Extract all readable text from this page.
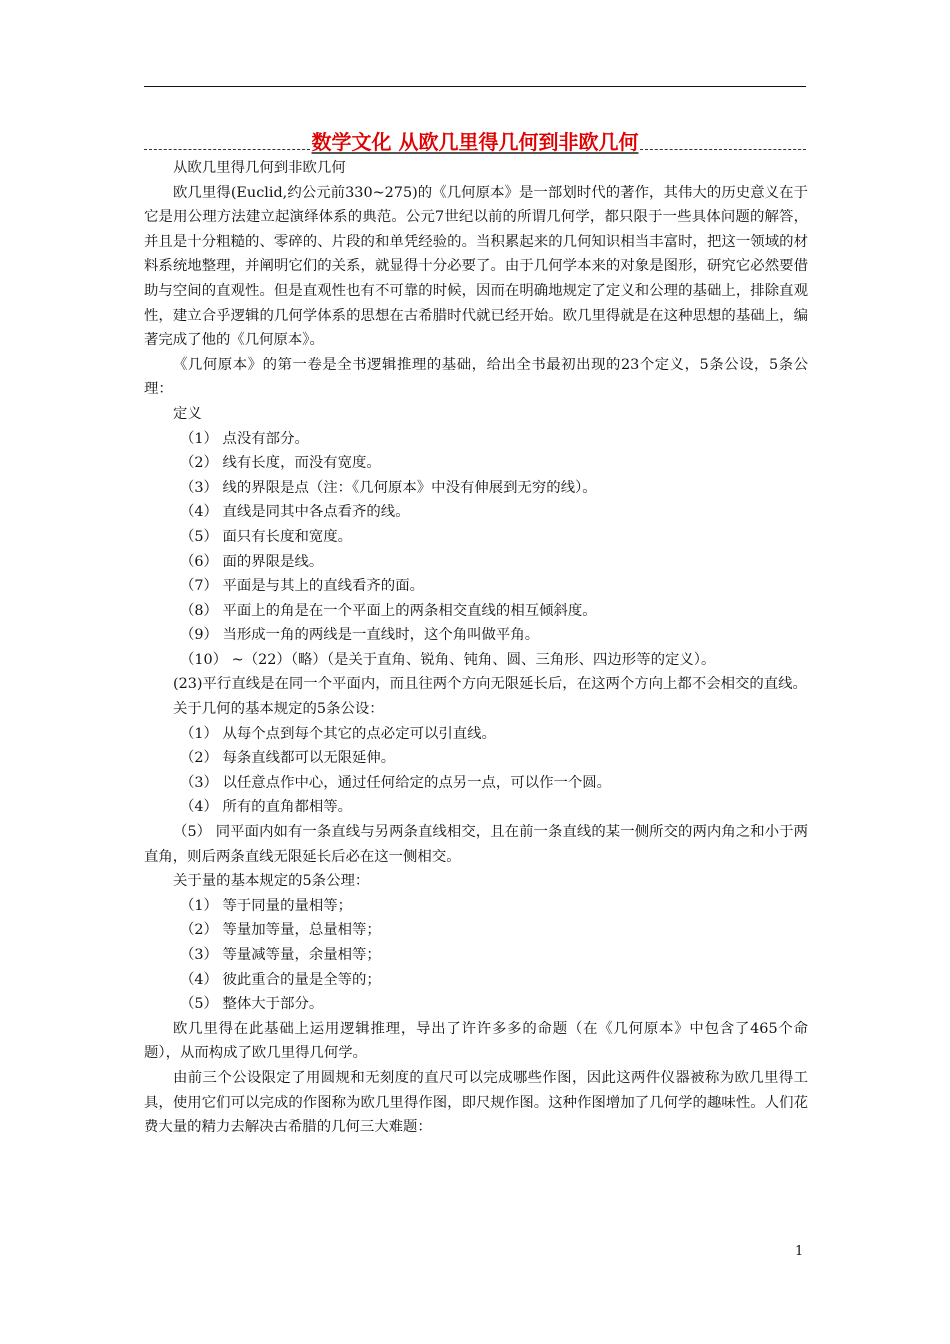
数学文化 从欧几里得几何到非欧几何

从欧几里得几何到非欧几何

欧几里得(Euclid,约公元前330~275)的《几何原本》是一部划时代的著作，其伟大的历史意义在于它是用公理方法建立起演绎体系的典范。公元7世纪以前的所谓几何学，都只限于一些具体问题的解答，并且是十分粗糙的、零碎的、片段的和单凭经验的。当积累起来的几何知识相当丰富时，把这一领域的材料系统地整理，并阐明它们的关系，就显得十分必要了。由于几何学本来的对象是图形，研究它必然要借助与空间的直观性。但是直观性也有不可靠的时候，因而在明确地规定了定义和公理的基础上，排除直观性，建立合乎逻辑的几何学体系的思想在古希腊时代就已经开始。欧几里得就是在这种思想的基础上，编著完成了他的《几何原本》。

《几何原本》的第一卷是全书逻辑推理的基础，给出全书最初出现的23个定义，5条公设，5条公理：

定义

（1） 点没有部分。

（2） 线有长度，而没有宽度。

（3） 线的界限是点（注：《几何原本》中没有伸展到无穷的线）。

（4） 直线是同其中各点看齐的线。

（5） 面只有长度和宽度。

（6） 面的界限是线。

（7） 平面是与其上的直线看齐的面。

（8） 平面上的角是在一个平面上的两条相交直线的相互倾斜度。

（9） 当形成一角的两线是一直线时，这个角叫做平角。

（10） ~（22）（略）（是关于直角、锐角、钝角、圆、三角形、四边形等的定义）。

(23)平行直线是在同一个平面内，而且往两个方向无限延长后，在这两个方向上都不会相交的直线。

关于几何的基本规定的5条公设：

（1） 从每个点到每个其它的点必定可以引直线。

（2） 每条直线都可以无限延伸。

（3） 以任意点作中心，通过任何给定的点另一点，可以作一个圆。

（4） 所有的直角都相等。

（5） 同平面内如有一条直线与另两条直线相交，且在前一条直线的某一侧所交的两内角之和小于两直角，则后两条直线无限延长后必在这一侧相交。

关于量的基本规定的5条公理：

（1） 等于同量的量相等；

（2） 等量加等量，总量相等；

（3） 等量减等量，余量相等；

（4） 彼此重合的量是全等的；

（5） 整体大于部分。

欧几里得在此基础上运用逻辑推理，导出了许许多多的命题（在《几何原本》中包含了465个命题），从而构成了欧几里得几何学。

由前三个公设限定了用圆规和无刻度的直尺可以完成哪些作图，因此这两件仪器被称为欧几里得工具，使用它们可以完成的作图称为欧几里得作图，即尺规作图。这种作图增加了几何学的趣味性。人们花费大量的精力去解决古希腊的几何三大难题：

1
